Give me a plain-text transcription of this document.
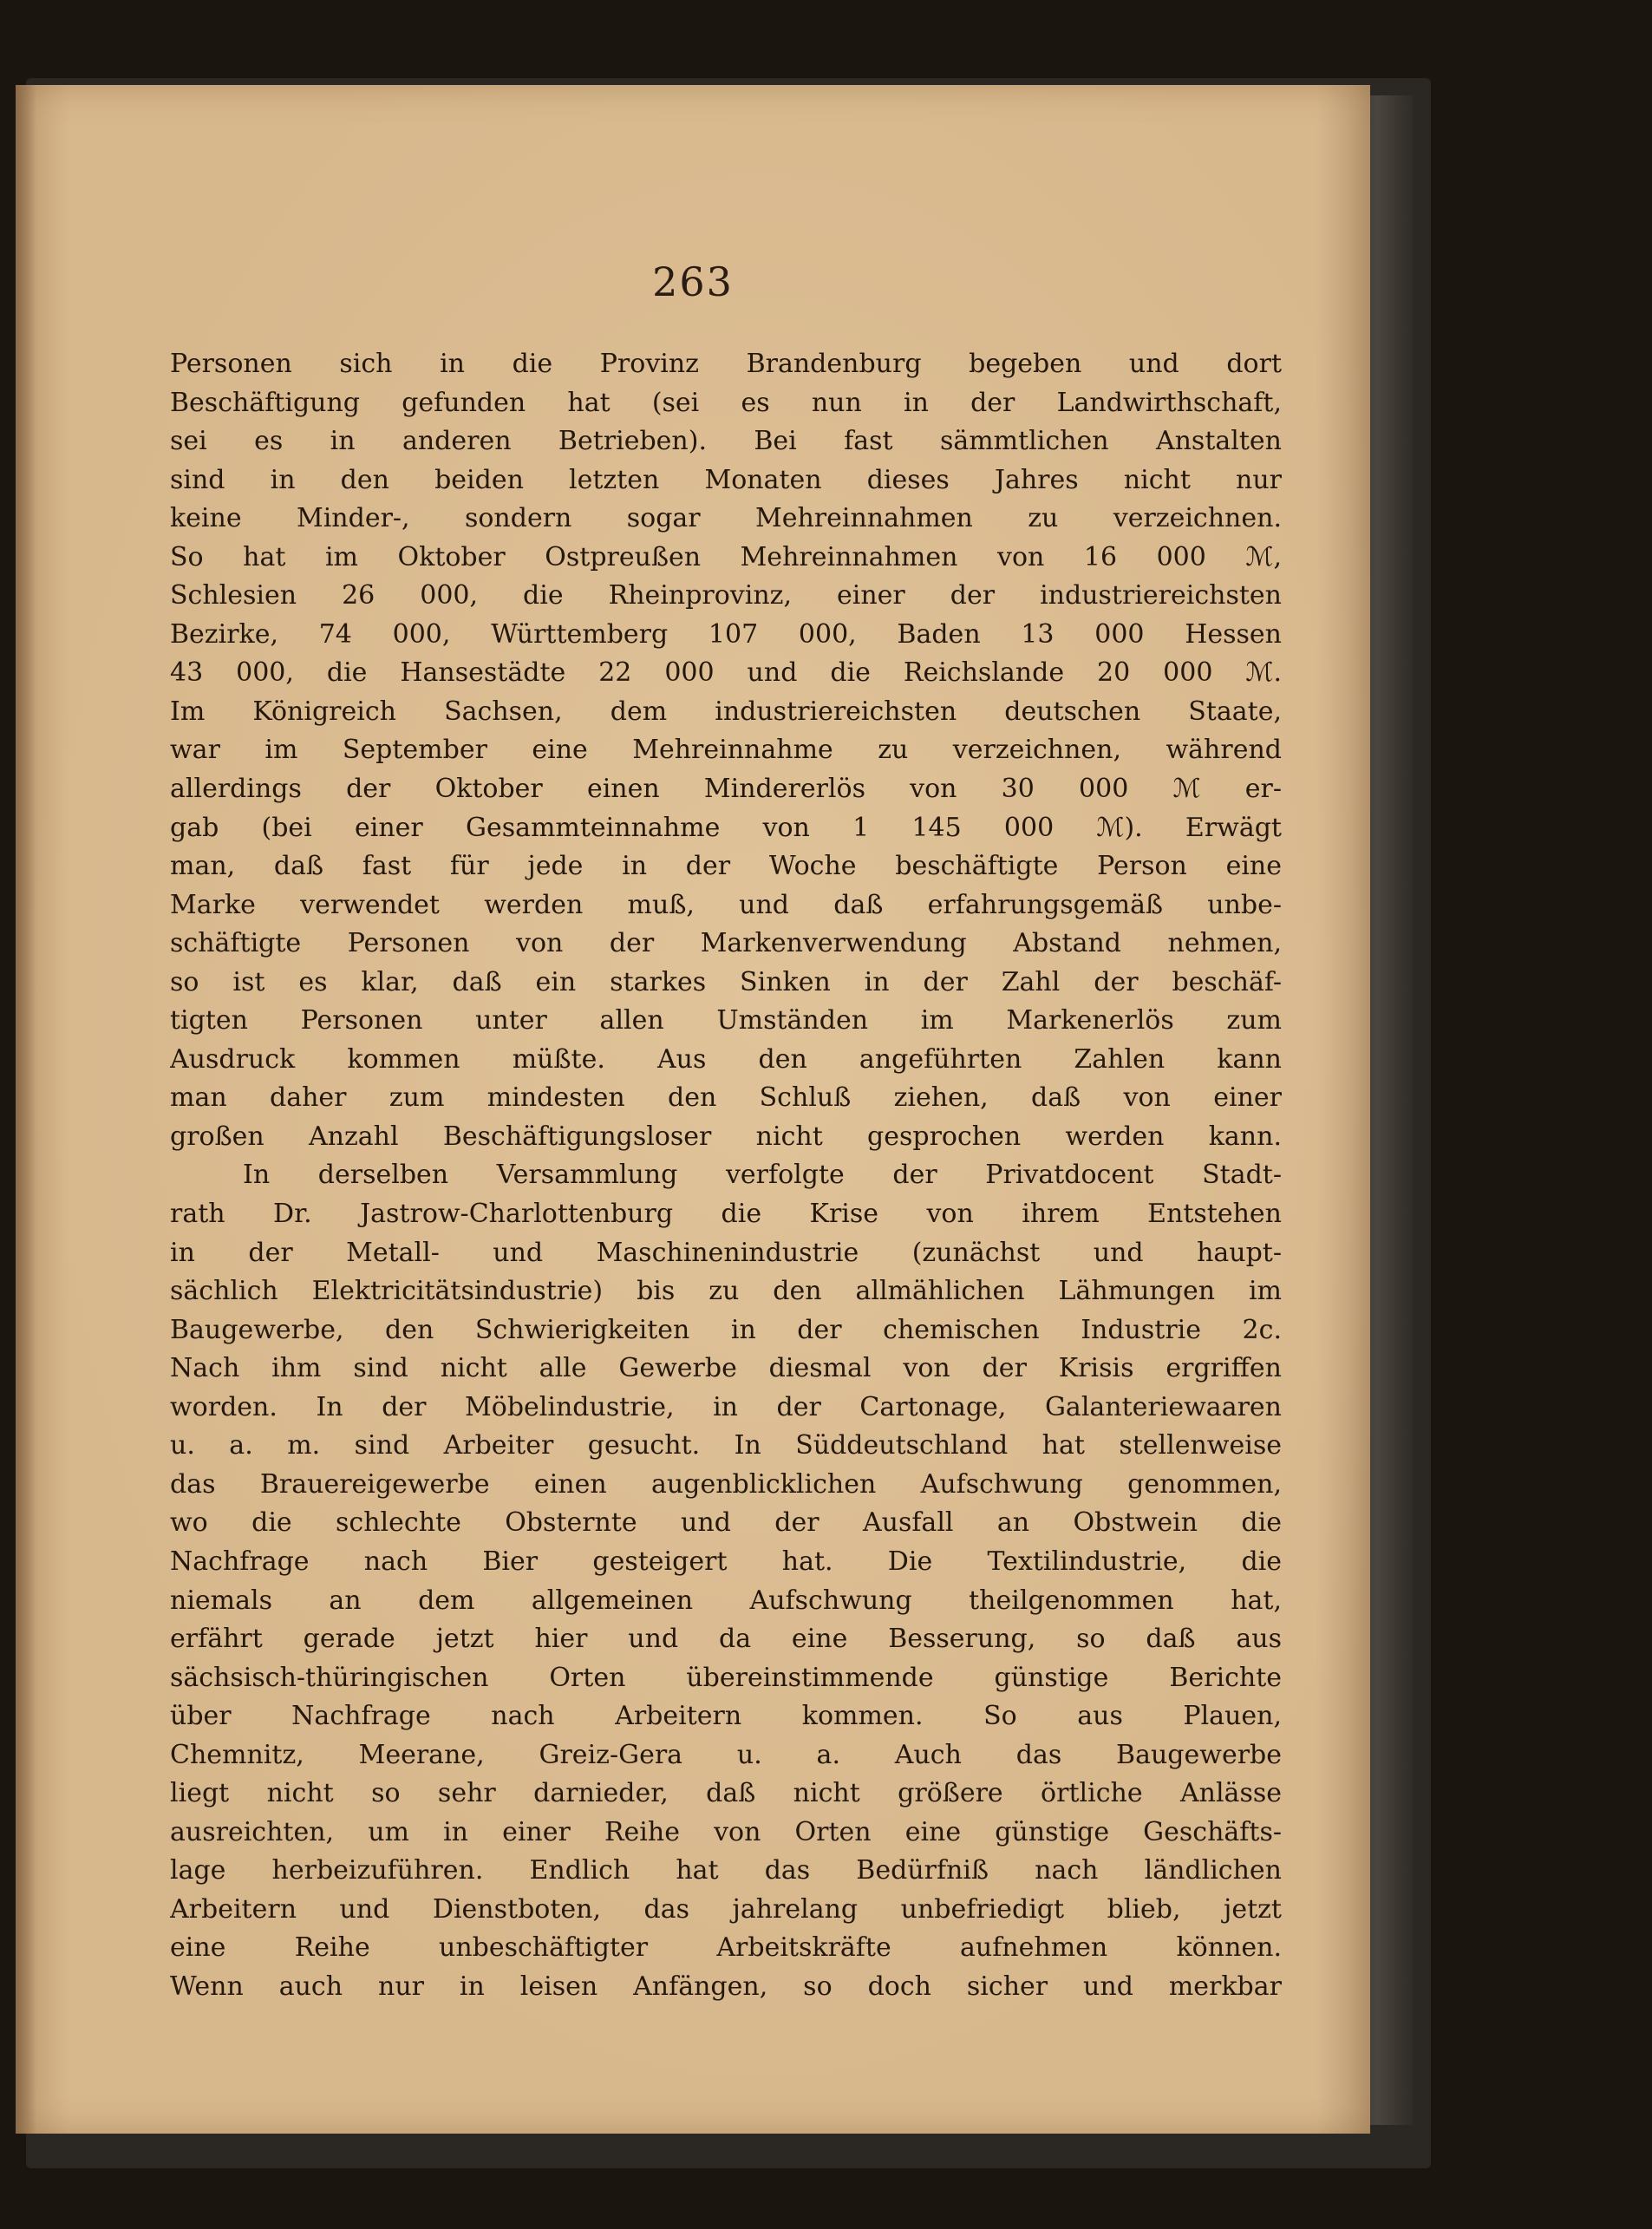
263
Personen sich in die Provinz Brandenburg begeben und dort
Beschäftigung gefunden hat (sei es nun in der Landwirthschaft,
sei es in anderen Betrieben). Bei fast sämmtlichen Anstalten
sind in den beiden letzten Monaten dieses Jahres nicht nur
keine Minder-, sondern sogar Mehreinnahmen zu verzeichnen.
So hat im Oktober Ostpreußen Mehreinnahmen von 16 000 ℳ,
Schlesien 26 000, die Rheinprovinz, einer der industriereichsten
Bezirke, 74 000, Württemberg 107 000, Baden 13 000 Hessen
43 000, die Hansestädte 22 000 und die Reichslande 20 000 ℳ.
Im Königreich Sachsen, dem industriereichsten deutschen Staate,
war im September eine Mehreinnahme zu verzeichnen, während
allerdings der Oktober einen Mindererlös von 30 000 ℳ er-
gab (bei einer Gesammteinnahme von 1 145 000 ℳ). Erwägt
man, daß fast für jede in der Woche beschäftigte Person eine
Marke verwendet werden muß, und daß erfahrungsgemäß unbe-
schäftigte Personen von der Markenverwendung Abstand nehmen,
so ist es klar, daß ein starkes Sinken in der Zahl der beschäf-
tigten Personen unter allen Umständen im Markenerlös zum
Ausdruck kommen müßte. Aus den angeführten Zahlen kann
man daher zum mindesten den Schluß ziehen, daß von einer
großen Anzahl Beschäftigungsloser nicht gesprochen werden kann.
In derselben Versammlung verfolgte der Privatdocent Stadt-
rath Dr. Jastrow-Charlottenburg die Krise von ihrem Entstehen
in der Metall- und Maschinenindustrie (zunächst und haupt-
sächlich Elektricitätsindustrie) bis zu den allmählichen Lähmungen im
Baugewerbe, den Schwierigkeiten in der chemischen Industrie 2c.
Nach ihm sind nicht alle Gewerbe diesmal von der Krisis ergriffen
worden. In der Möbelindustrie, in der Cartonage, Galanteriewaaren
u. a. m. sind Arbeiter gesucht. In Süddeutschland hat stellenweise
das Brauereigewerbe einen augenblicklichen Aufschwung genommen,
wo die schlechte Obsternte und der Ausfall an Obstwein die
Nachfrage nach Bier gesteigert hat. Die Textilindustrie, die
niemals an dem allgemeinen Aufschwung theilgenommen hat,
erfährt gerade jetzt hier und da eine Besserung, so daß aus
sächsisch-thüringischen Orten übereinstimmende günstige Berichte
über Nachfrage nach Arbeitern kommen. So aus Plauen,
Chemnitz, Meerane, Greiz-Gera u. a. Auch das Baugewerbe
liegt nicht so sehr darnieder, daß nicht größere örtliche Anlässe
ausreichten, um in einer Reihe von Orten eine günstige Geschäfts-
lage herbeizuführen. Endlich hat das Bedürfniß nach ländlichen
Arbeitern und Dienstboten, das jahrelang unbefriedigt blieb, jetzt
eine Reihe unbeschäftigter Arbeitskräfte aufnehmen können.
Wenn auch nur in leisen Anfängen, so doch sicher und merkbar
